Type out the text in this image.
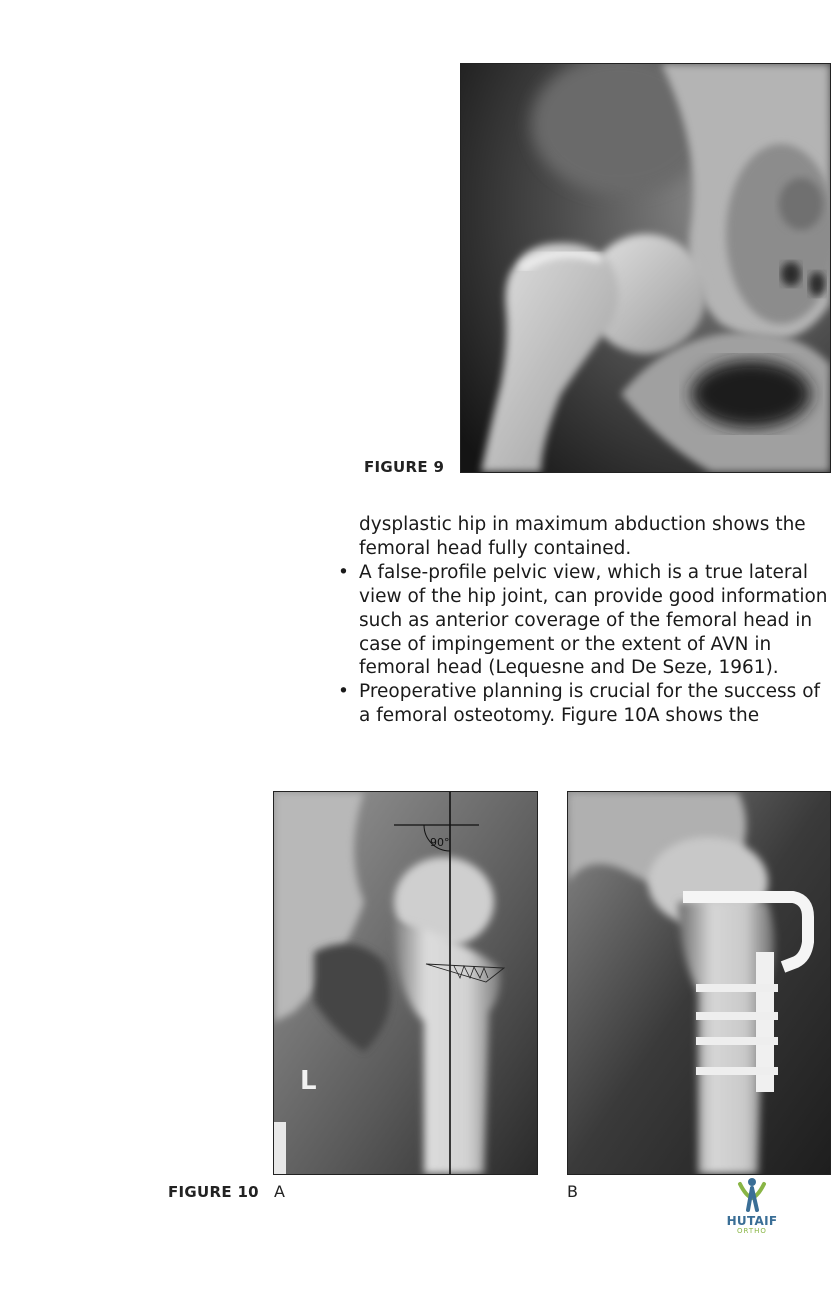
FIGURE 9
dysplastic hip in maximum abduction shows the femoral head fully contained.
• A false-profile pelvic view, which is a true lateral view of the hip joint, can provide good information such as anterior coverage of the femoral head in case of impingement or the extent of AVN in femoral head (Lequesne and De Seze, 1961).
• Preoperative planning is crucial for the success of a femoral osteotomy. Figure 10A shows the
90°
L
FIGURE 10 A	B
HUTAIF
ORTHO
